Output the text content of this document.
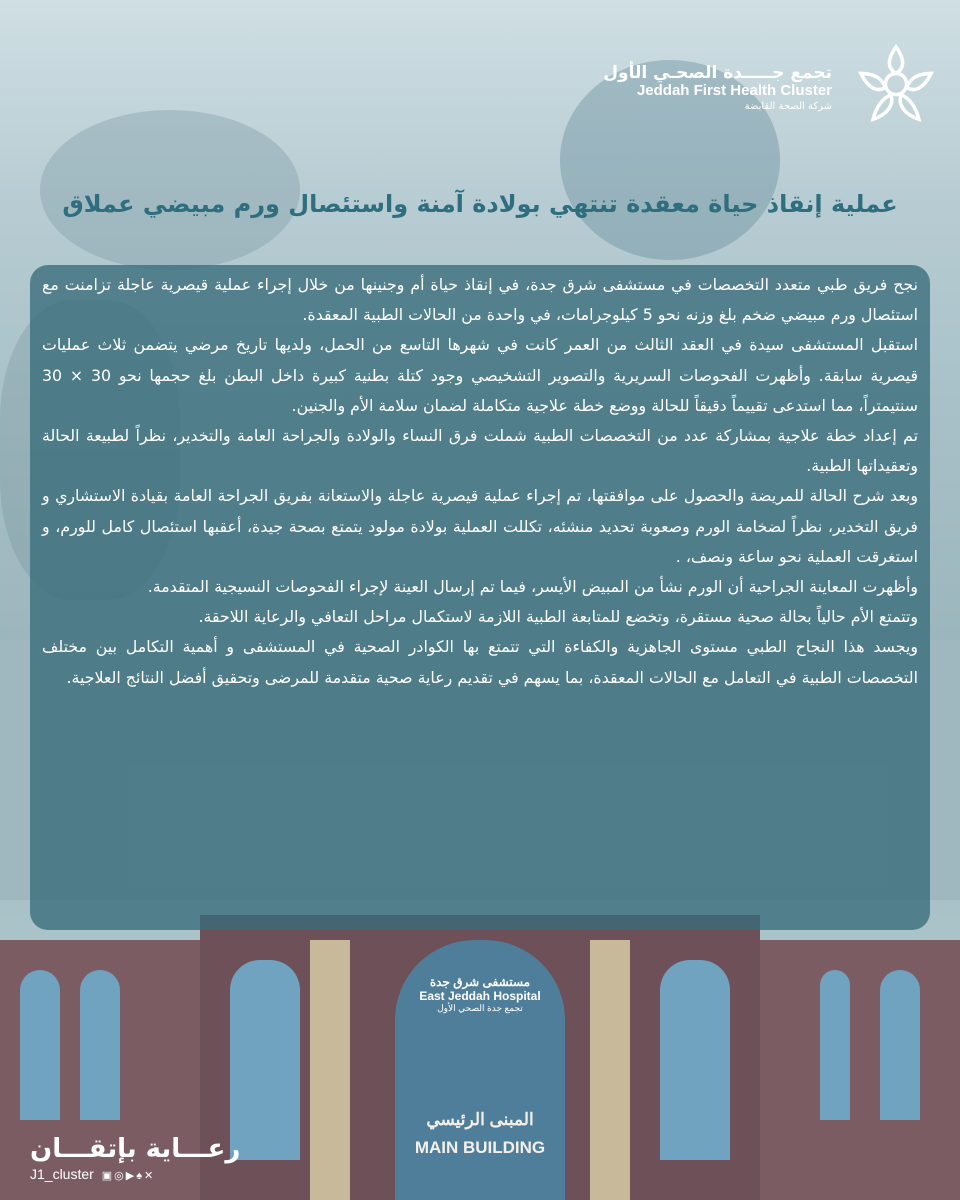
مستشفى شرق جدة
East Jeddah Hospital
تجمع جدة الصحي الأول
المبنى الرئيسي
MAIN BUILDING
تجمع جـــــدة الصحـي الأول
Jeddah First Health Cluster
شركة الصحة القابضة
عملية إنقاذ حياة معقدة تنتهي بولادة آمنة واستئصال ورم مبيضي عملاق

نجح فريق طبي متعدد التخصصات في مستشفى شرق جدة، في إنقاذ حياة أم وجنينها من خلال إجراء عملية قيصرية عاجلة تزامنت مع استئصال ورم مبيضي ضخم بلغ وزنه نحو 5 كيلوجرامات، في واحدة من الحالات الطبية المعقدة.

استقبل المستشفى سيدة في العقد الثالث من العمر كانت في شهرها التاسع من الحمل، ولديها تاريخ مرضي يتضمن ثلاث عمليات قيصرية سابقة. وأظهرت الفحوصات السريرية والتصوير التشخيصي وجود كتلة بطنية كبيرة داخل البطن بلغ حجمها نحو 30 × 30 سنتيمتراً، مما استدعى تقييماً دقيقاً للحالة ووضع خطة علاجية متكاملة لضمان سلامة الأم والجنين.

تم إعداد خطة علاجية بمشاركة عدد من التخصصات الطبية شملت فرق النساء والولادة والجراحة العامة والتخدير، نظراً لطبيعة الحالة وتعقيداتها الطبية.

وبعد شرح الحالة للمريضة والحصول على موافقتها، تم إجراء عملية قيصرية عاجلة والاستعانة بفريق الجراحة العامة بقيادة الاستشاري و فريق التخدير، نظراً لضخامة الورم وصعوبة تحديد منشئه، تكللت العملية بولادة مولود يتمتع بصحة جيدة، أعقبها استئصال كامل للورم، و استغرقت العملية نحو ساعة ونصف، .

وأظهرت المعاينة الجراحية أن الورم نشأ من المبيض الأيسر، فيما تم إرسال العينة لإجراء الفحوصات النسيجية المتقدمة.

وتتمتع الأم حالياً بحالة صحية مستقرة، وتخضع للمتابعة الطبية اللازمة لاستكمال مراحل التعافي والرعاية اللاحقة.

ويجسد هذا النجاح الطبي مستوى الجاهزية والكفاءة التي تتمتع بها الكوادر الصحية في المستشفى و أهمية التكامل بين مختلف التخصصات الطبية في التعامل مع الحالات المعقدة، بما يسهم في تقديم رعاية صحية متقدمة للمرضى وتحقيق أفضل النتائج العلاجية.

رعـــاية بإتقـــان
J1_cluster ▣◎▶♠✕
